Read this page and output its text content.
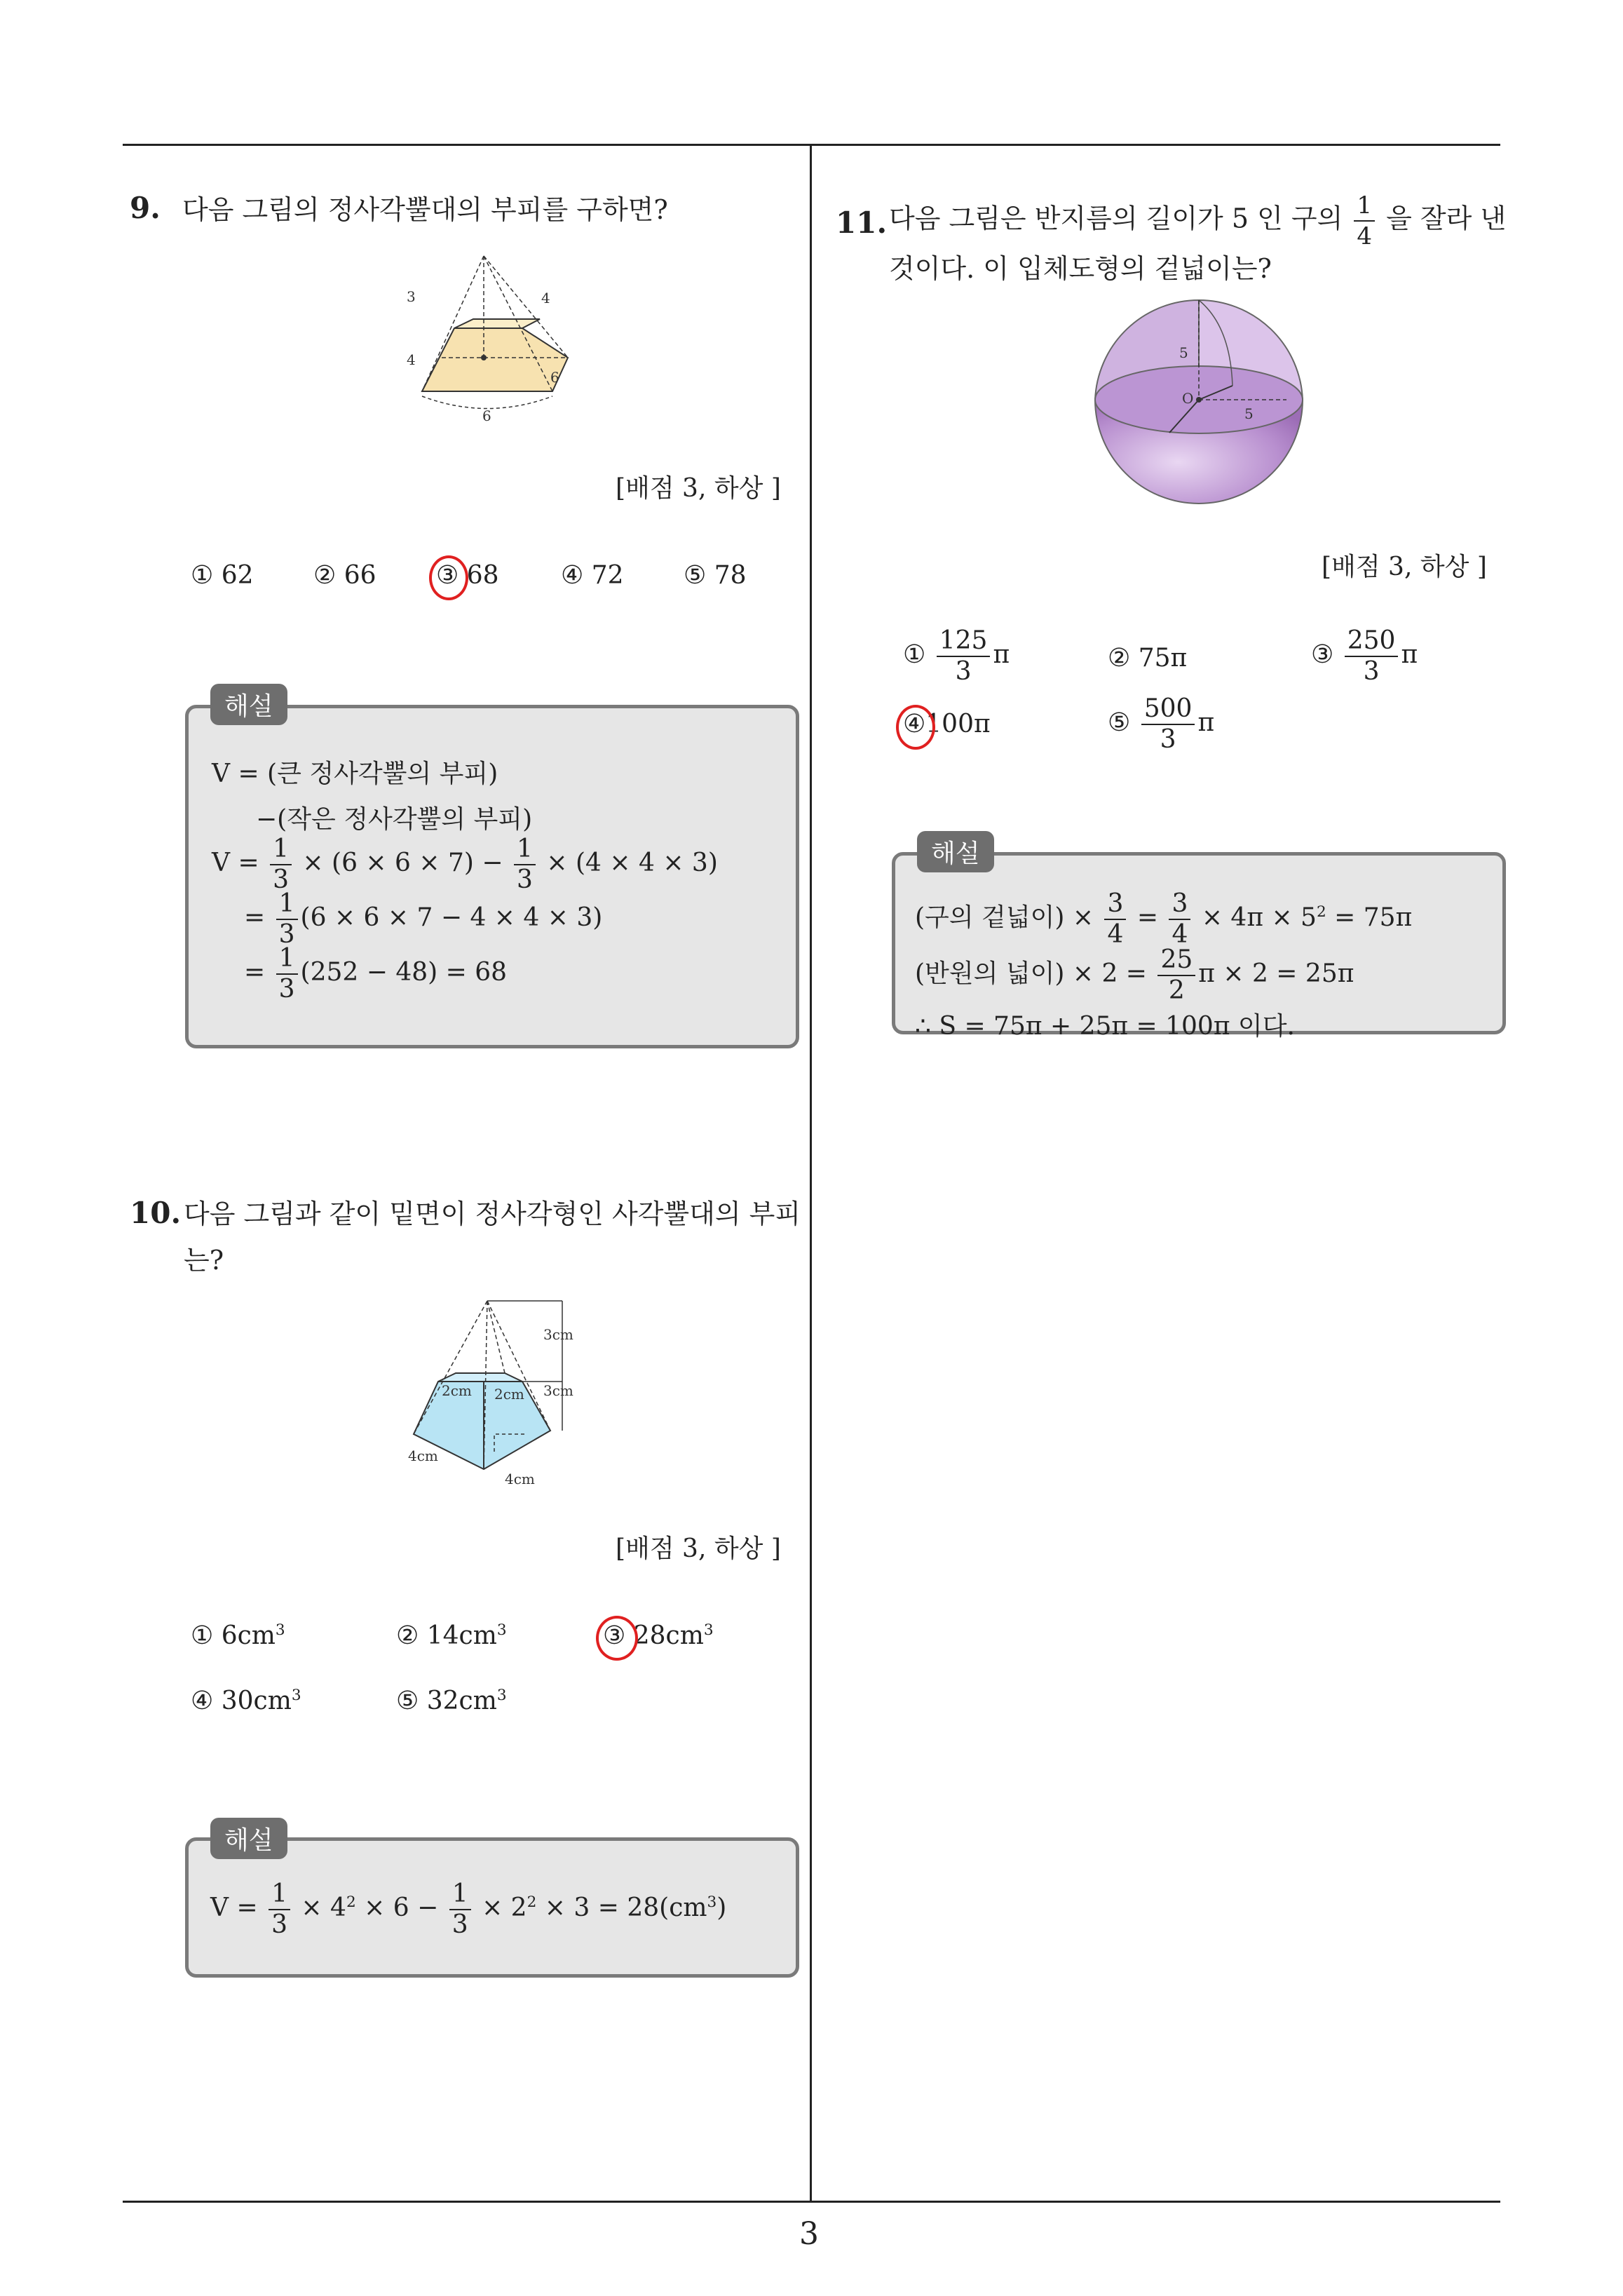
3
9. 다음 그림의 정사각뿔대의 부피를 구하면?
3	4
4
6
6
[배점 3, 하상 ]
① 62 ② 66 ③ 68 ④ 72 ⑤ 78
해설
V = (큰 정사각뿔의 부피)
−(작은 정사각뿔의 부피)
$V = \frac{1}{3} \times (6 \times 6 \times 7) - \frac{1}{3} \times (4 \times 4 \times 3)$
= $\frac{1}{3} (6 \times 6 \times 7 - 4 \times 4 \times 3)$
= $\frac{1}{3} (252 - 48) = 68$
10. 다음 그림과 같이 밑면이 정사각형인 사각뿔대의 부피
는?
3cm
3cm
2cm 2cm
4cm
4cm
[배점 3, 하상 ]
① $6cm^3$	② $14cm^3$	③ $28cm^3$
④ $30cm^3$	⑤ $32cm^3$
해설
$V = \frac{1}{3} \times 4^2 \times 6 - \frac{1}{3} \times 2^2 \times 3 = 28(cm^3)$
11. 다음 그림은 반지름의 길이가 5 인 구의 $\frac{1}{4}$ 을 잘라 낸
것이다. 이 입체도형의 겉넓이는?
5
O
5
[배점 3, 하상 ]
① $\frac{125}{3}$ π	② 75π	③ $\frac{250}{3}$ π
④100π	⑤ $\frac{500}{3}$ π
해설
(구의 겉넓이) × $\frac{3}{4} = \frac{3}{4} \times 4\pi \times 5^2 = 75\pi$
(반원의 넓이) × $2 = \frac{25}{2}$ π × 2 = 25π
∴ S = 75π + 25π = 100π 이다.
